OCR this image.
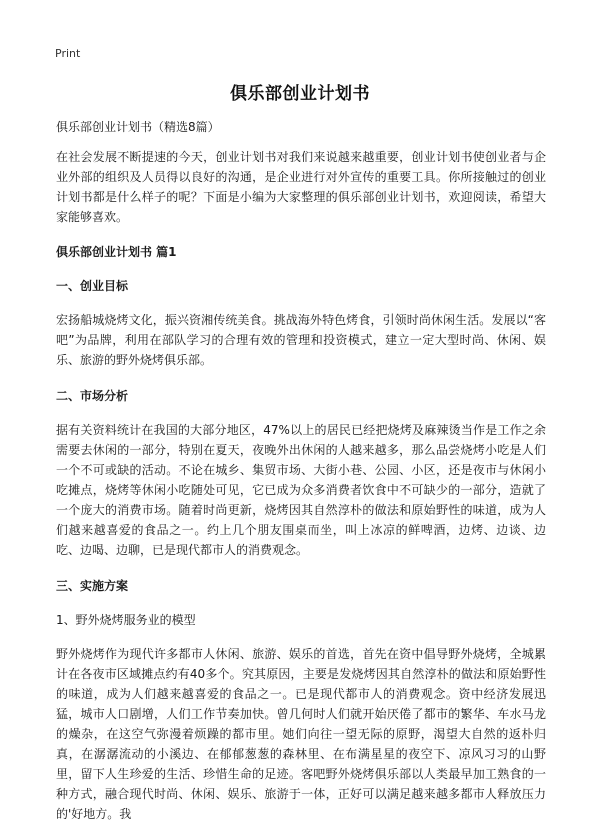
Print
俱乐部创业计划书

俱乐部创业计划书（精选8篇）

在社会发展不断提速的今天，创业计划书对我们来说越来越重要，创业计划书使创业者与企业外部的组织及人员得以良好的沟通，是企业进行对外宣传的重要工具。你所接触过的创业计划书都是什么样子的呢？下面是小编为大家整理的俱乐部创业计划书，欢迎阅读，希望大家能够喜欢。

俱乐部创业计划书 篇1

一、创业目标

宏扬船城烧烤文化，振兴资湘传统美食。挑战海外特色烤食，引领时尚休闲生活。发展以“客吧”为品牌，利用在部队学习的合理有效的管理和投资模式，建立一定大型时尚、休闲、娱乐、旅游的野外烧烤俱乐部。

二、市场分析

据有关资料统计在我国的大部分地区，47%以上的居民已经把烧烤及麻辣烫当作是工作之余需要去休闲的一部分，特别在夏天，夜晚外出休闲的人越来越多，那么品尝烧烤小吃是人们一个不可或缺的活动。不论在城乡、集贸市场、大街小巷、公园、小区，还是夜市与休闲小吃摊点，烧烤等休闲小吃随处可见，它已成为众多消费者饮食中不可缺少的一部分，造就了一个庞大的消费市场。随着时尚更新，烧烤因其自然淳朴的做法和原始野性的味道，成为人们越来越喜爱的食品之一。约上几个朋友围桌而坐，叫上冰凉的鲜啤酒，边烤、边谈、边吃、边喝、边聊，已是现代都市人的消费观念。

三、实施方案

1、野外烧烤服务业的模型

野外烧烤作为现代许多都市人休闲、旅游、娱乐的首选，首先在资中倡导野外烧烤，全城累计在各夜市区域摊点约有40多个。究其原因，主要是发烧烤因其自然淳朴的做法和原始野性的味道，成为人们越来越喜爱的食品之一。已是现代都市人的消费观念。资中经济发展迅猛，城市人口剧增，人们工作节奏加快。曾几何时人们就开始厌倦了都市的繁华、车水马龙的燥杂，在这空气弥漫着烦躁的都市里。她们向往一望无际的原野，渴望大自然的返朴归真，在潺潺流动的小溪边、在郁郁葱葱的森林里、在布满星星的夜空下、凉风习习的山野里，留下人生珍爱的生活、珍惜生命的足迹。客吧野外烧烤俱乐部以人类最早加工熟食的一种方式，融合现代时尚、休闲、娱乐、旅游于一体，正好可以满足越来越多都市人释放压力的'好地方。我
